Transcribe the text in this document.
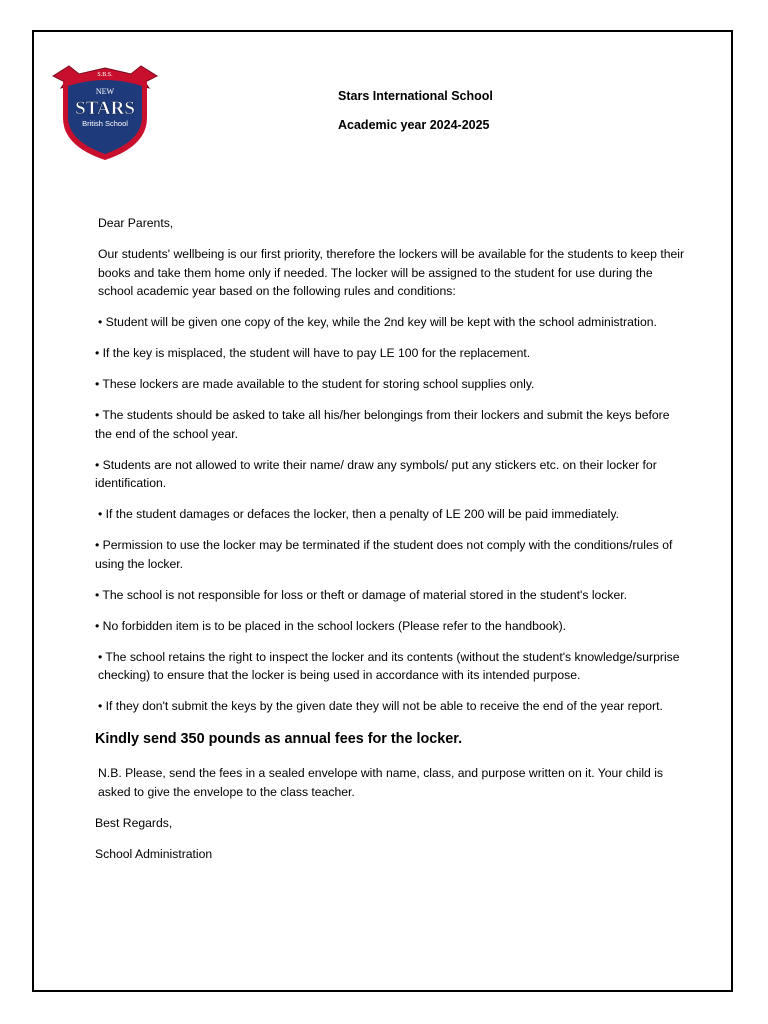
S.B.S.
NEW
STARS
British School
Stars International School
Academic year 2024-2025

Dear Parents,

Our students' wellbeing is our first priority, therefore the lockers will be available for the students to keep their books and take them home only if needed. The locker will be assigned to the student for use during the school academic year based on the following rules and conditions:

• Student will be given one copy of the key, while the 2nd key will be kept with the school administration.

• If the key is misplaced, the student will have to pay LE 100 for the replacement.

• These lockers are made available to the student for storing school supplies only.

• The students should be asked to take all his/her belongings from their lockers and submit the keys before the end of the school year.

• Students are not allowed to write their name/ draw any symbols/ put any stickers etc. on their locker for identification.

• If the student damages or defaces the locker, then a penalty of LE 200 will be paid immediately.

• Permission to use the locker may be terminated if the student does not comply with the conditions/rules of using the locker.

• The school is not responsible for loss or theft or damage of material stored in the student's locker.

• No forbidden item is to be placed in the school lockers (Please refer to the handbook).

• The school retains the right to inspect the locker and its contents (without the student's knowledge/surprise checking) to ensure that the locker is being used in accordance with its intended purpose.

• If they don't submit the keys by the given date they will not be able to receive the end of the year report.

Kindly send 350 pounds as annual fees for the locker.

N.B. Please, send the fees in a sealed envelope with name, class, and purpose written on it. Your child is asked to give the envelope to the class teacher.

Best Regards,

School Administration
